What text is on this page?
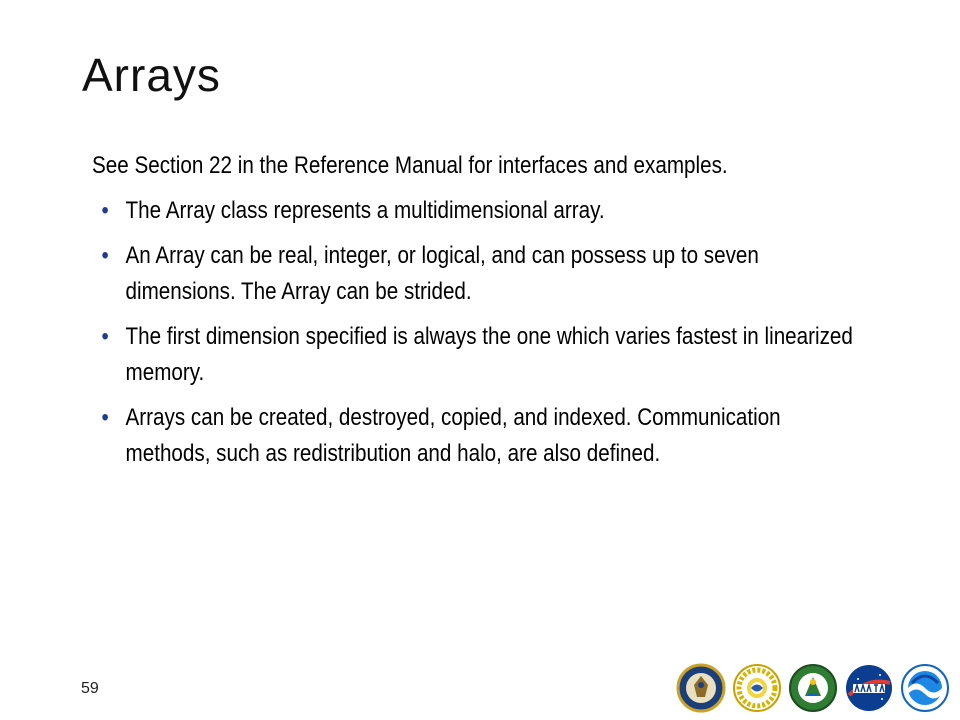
Arrays

See Section 22 in the Reference Manual for interfaces and examples.

• The Array class represents a multidimensional array.
• An Array can be real, integer, or logical, and can possess up to seven dimensions. The Array can be strided.
• The first dimension specified is always the one which varies fastest in linearized memory.
• Arrays can be created, destroyed, copied, and indexed. Communication methods, such as redistribution and halo, are also defined.
59
